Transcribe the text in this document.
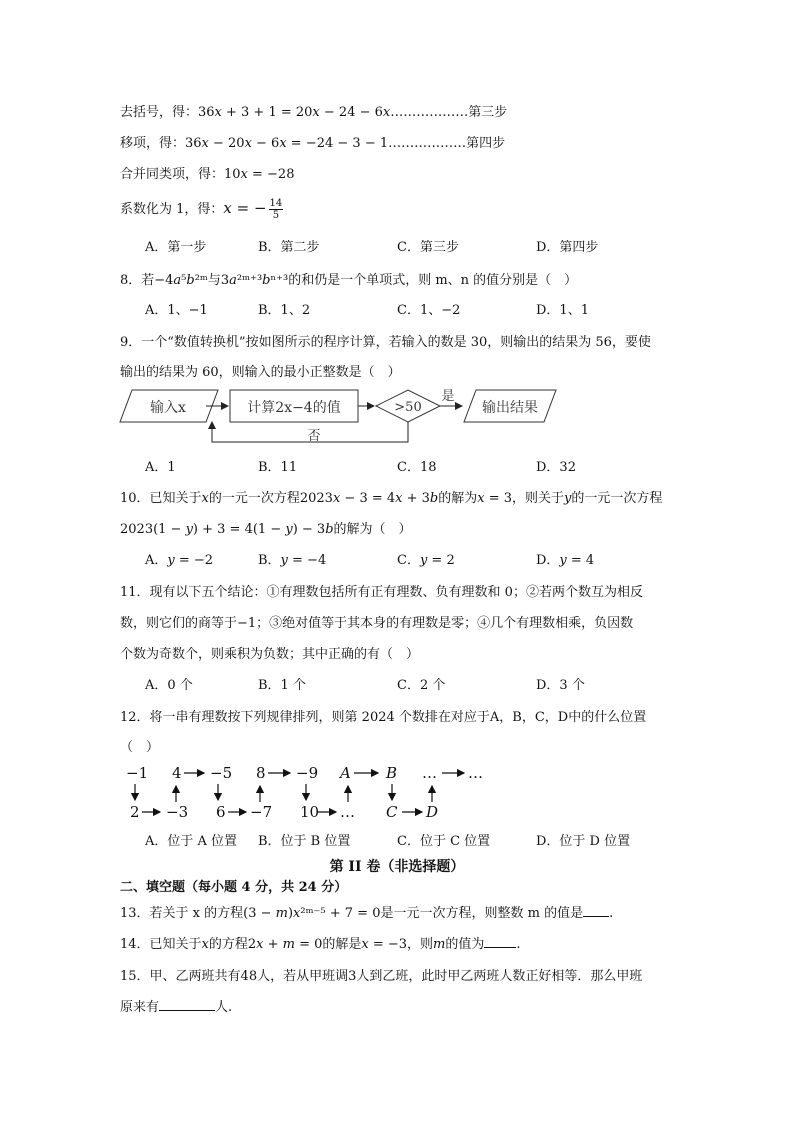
去括号，得：36𝑥 + 3 + 1 = 20𝑥 − 24 − 6𝑥………………第三步
移项，得：36𝑥 − 20𝑥 − 6𝑥 = −24 − 3 − 1………………第四步
合并同类项，得：10𝑥 = −28
系数化为 1，得：𝑥 = − $\frac{14}{5}$
A．第一步	B．第二步	C．第三步	D．第四步
8．若−4𝑎⁵𝑏²ᵐ与3𝑎²ᵐ⁺³𝑏ⁿ⁺³的和仍是一个单项式，则 m、n 的值分别是（　）
A．1、−1	B．1、2	C．1、−2	D．1、1
9．一个“数值转换机”按如图所示的程序计算，若输入的数是 30，则输出的结果为 56，要使
输出的结果为 60，则输入的最小正整数是（　）
输入x	计算2x−4的值	>50
是
输出结果
否
A．1	B．11	C．18	D．32
10．已知关于𝑥的一元一次方程2023𝑥 − 3 = 4𝑥 + 3𝑏的解为𝑥 = 3，则关于𝑦的一元一次方程
2023(1 − 𝑦) + 3 = 4(1 − 𝑦) − 3𝑏的解为（　）
A．𝑦 = −2	B．𝑦 = −4	C．𝑦 = 2	D．𝑦 = 4
11．现有以下五个结论：①有理数包括所有正有理数、负有理数和 0；②若两个数互为相反
数，则它们的商等于−1；③绝对值等于其本身的有理数是零；④几个有理数相乘，负因数
个数为奇数个，则乘积为负数；其中正确的有（　）
A．0 个	B．1 个	C．2 个	D．3 个
12．将一串有理数按下列规律排列，则第 2024 个数排在对应于A，B，C，D中的什么位置
（　）
−1 4 −5 8 −9 A B … …
2 −3 6 −7 10 … C D
A．位于 A 位置 B．位于 B 位置	C．位于 C 位置	D．位于 D 位置
第 II 卷（非选择题）
二、填空题（每小题 4 分，共 24 分）
13．若关于 x 的方程(3 − 𝑚)𝑥²ᵐ⁻⁵ + 7 = 0是一元一次方程，则整数 m 的值是 .
14．已知关于𝑥的方程2𝑥 + 𝑚 = 0的解是𝑥 = −3，则𝑚的值为 .
15．甲、乙两班共有48人，若从甲班调3人到乙班，此时甲乙两班人数正好相等．那么甲班
原来有	人.
